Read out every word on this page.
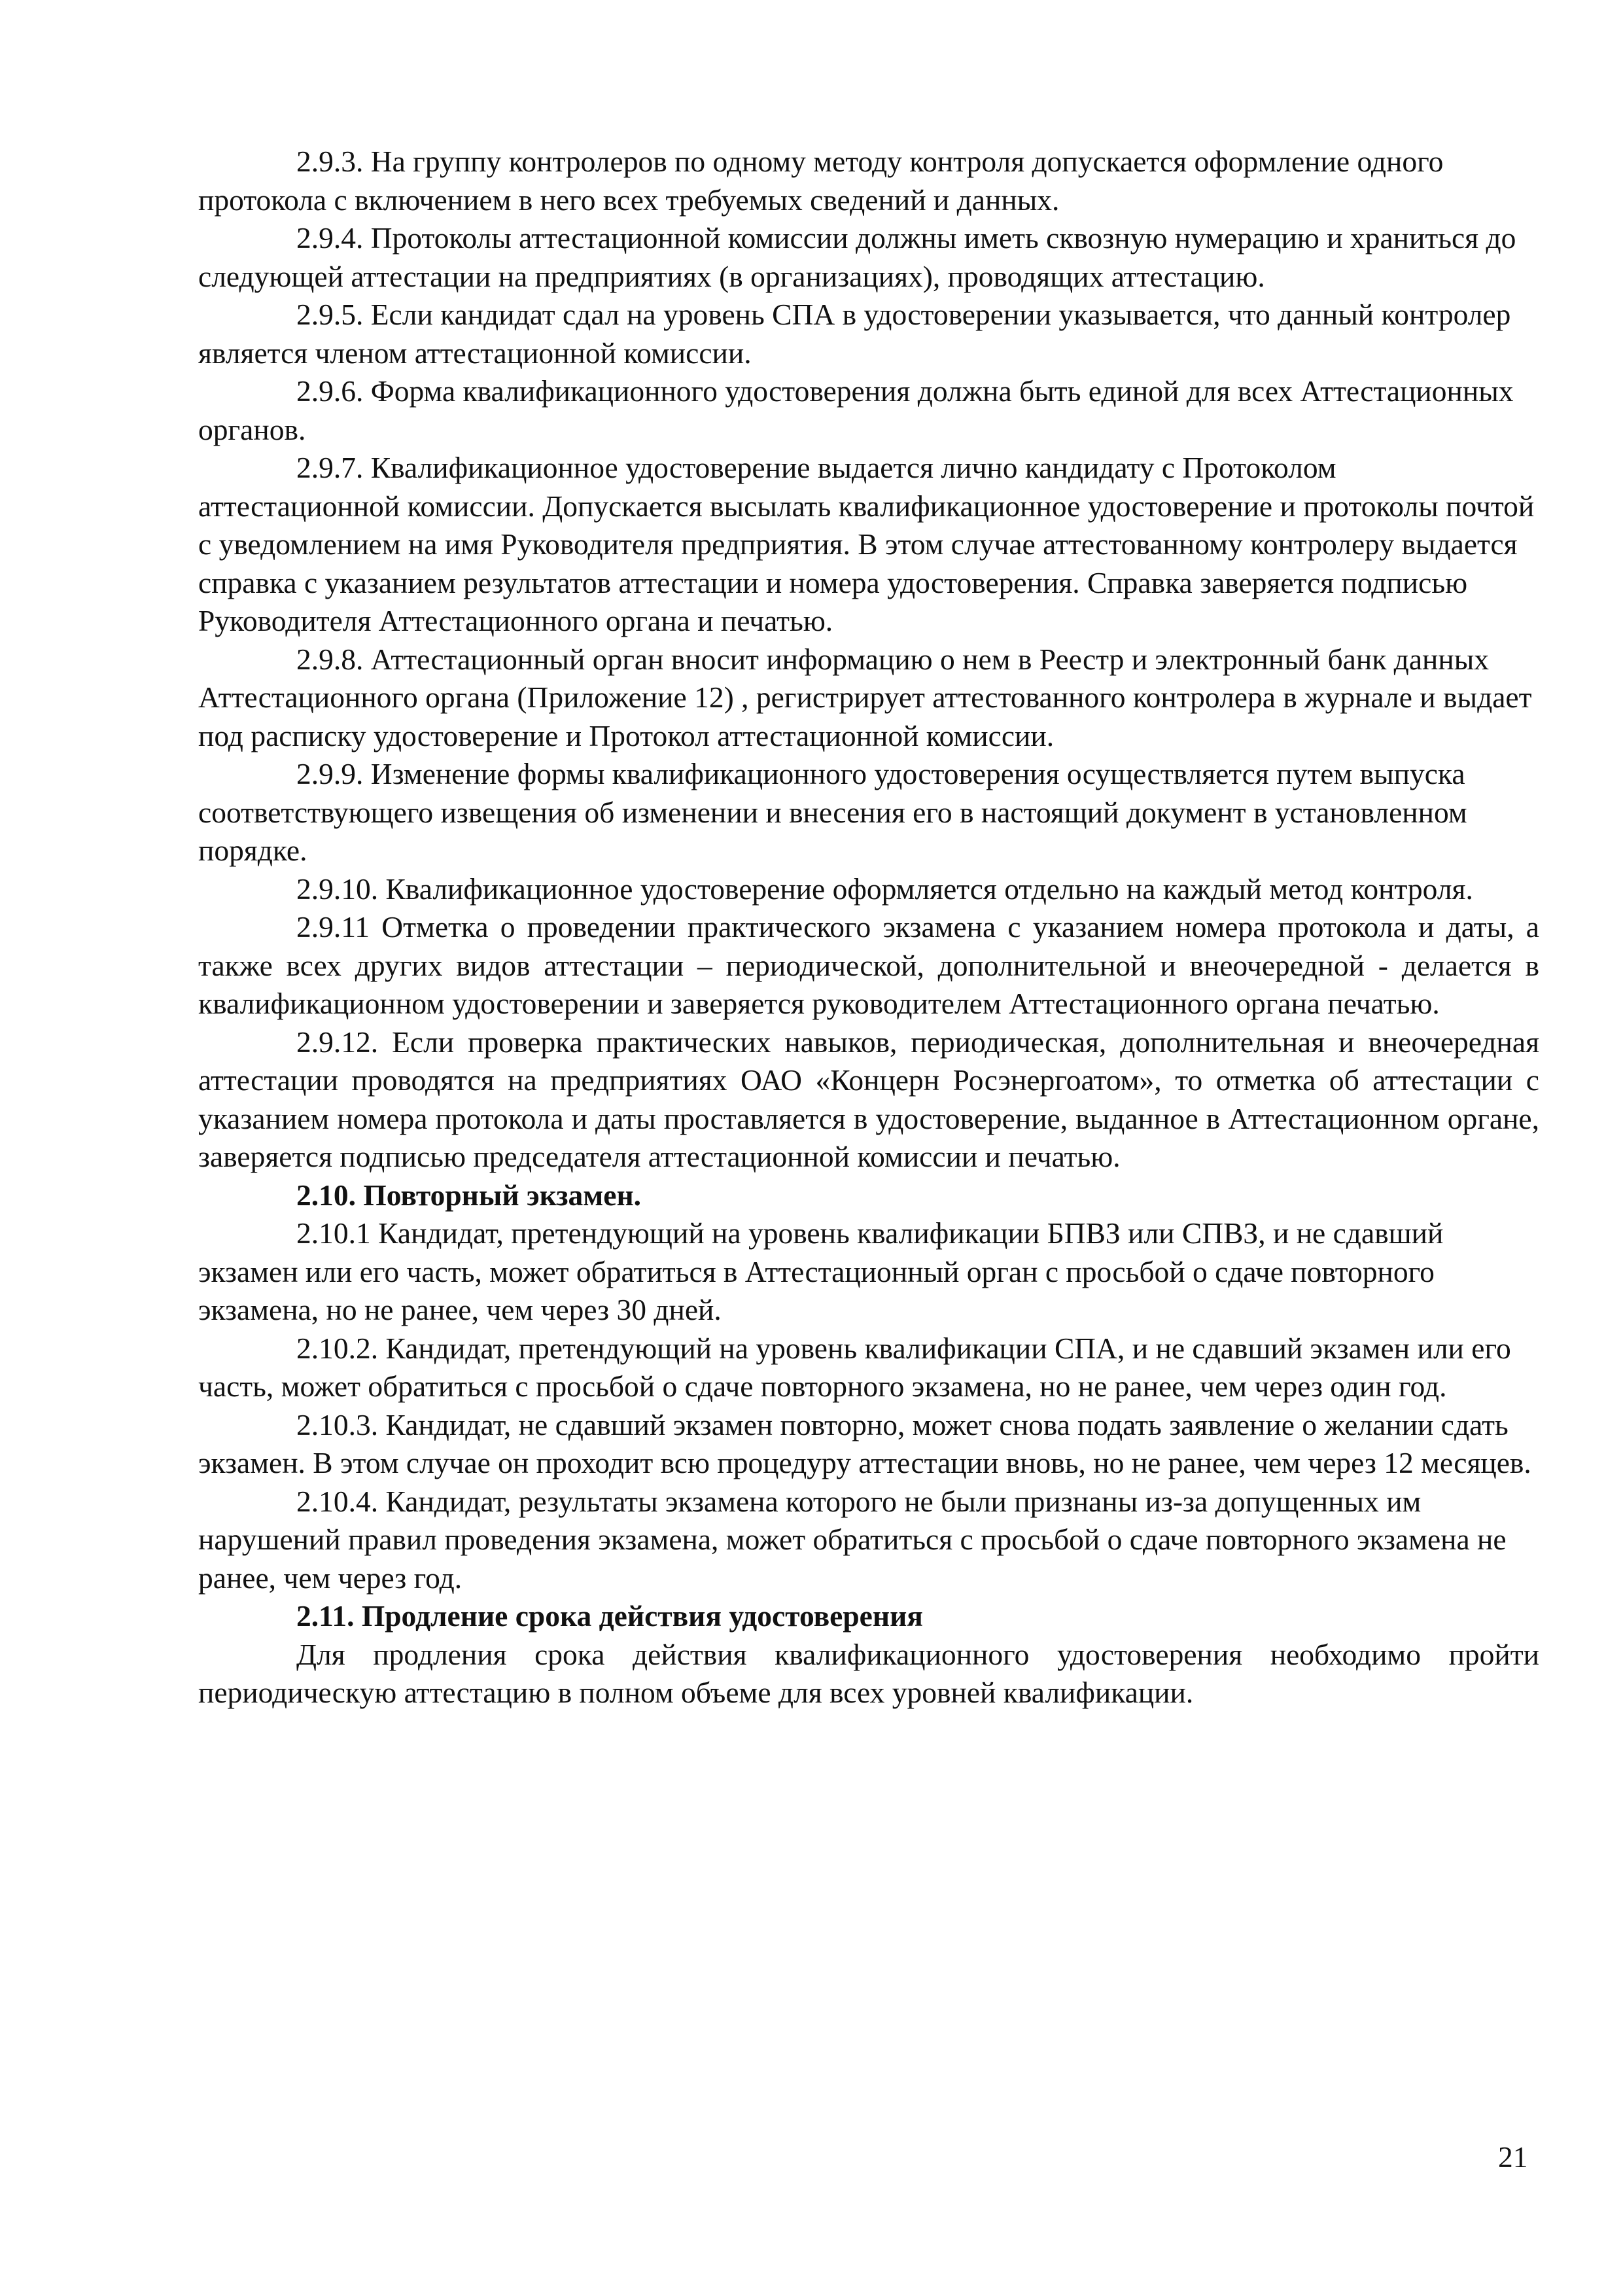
2.9.3. На группу контролеров по одному методу контроля допускается оформление одного протокола с включением в него всех требуемых сведений и данных.

2.9.4. Протоколы аттестационной комиссии должны иметь сквозную нумерацию и храниться до следующей аттестации на предприятиях (в организациях), проводящих аттестацию.

2.9.5. Если кандидат сдал на уровень СПА в удостоверении указывается, что данный контролер является членом аттестационной комиссии.

2.9.6. Форма квалификационного удостоверения должна быть единой для всех Аттестационных органов.

2.9.7. Квалификационное удостоверение выдается лично кандидату с Протоколом аттестационной комиссии. Допускается высылать квалификационное удостоверение и протоколы почтой с уведомлением на имя Руководителя предприятия. В этом случае аттестованному контролеру выдается справка с указанием результатов аттестации и номера удостоверения. Справка заверяется подписью Руководителя Аттестационного органа и печатью.

2.9.8. Аттестационный орган вносит информацию о нем в Реестр и электронный банк данных Аттестационного органа (Приложение 12) , регистрирует аттестованного контролера в журнале и выдает под расписку удостоверение и Протокол аттестационной комиссии.

2.9.9. Изменение формы квалификационного удостоверения осуществляется путем выпуска соответствующего извещения об изменении и внесения его в настоящий документ в установленном порядке.

2.9.10. Квалификационное удостоверение оформляется отдельно на каждый метод контроля.

2.9.11 Отметка о проведении практического экзамена с указанием номера протокола и даты, а также всех других видов аттестации – периодической, дополнительной и внеочередной - делается в квалификационном удостоверении и заверяется руководителем Аттестационного органа печатью.

2.9.12. Если проверка практических навыков, периодическая, дополнительная и внеочередная аттестации проводятся на предприятиях ОАО «Концерн Росэнергоатом», то отметка об аттестации с указанием номера протокола и даты проставляется в удостоверение, выданное в Аттестационном органе, заверяется подписью председателя аттестационной комиссии и печатью.

2.10. Повторный экзамен.

2.10.1 Кандидат, претендующий на уровень квалификации БПВЗ или СПВЗ, и не сдавший экзамен или его часть, может обратиться в Аттестационный орган с просьбой о сдаче повторного экзамена, но не ранее, чем через 30 дней.

2.10.2. Кандидат, претендующий на уровень квалификации СПА, и не сдавший экзамен или его часть, может обратиться с просьбой о сдаче повторного экзамена, но не ранее, чем через один год.

2.10.3. Кандидат, не сдавший экзамен повторно, может снова подать заявление о желании сдать экзамен. В этом случае он проходит всю процедуру аттестации вновь, но не ранее, чем через 12 месяцев.

2.10.4. Кандидат, результаты экзамена которого не были признаны из-за допущенных им нарушений правил проведения экзамена, может обратиться с просьбой о сдаче повторного экзамена не ранее, чем через год.

2.11. Продление срока действия удостоверения

Для продления срока действия квалификационного удостоверения необходимо пройти периодическую аттестацию в полном объеме для всех уровней квалификации.

21
